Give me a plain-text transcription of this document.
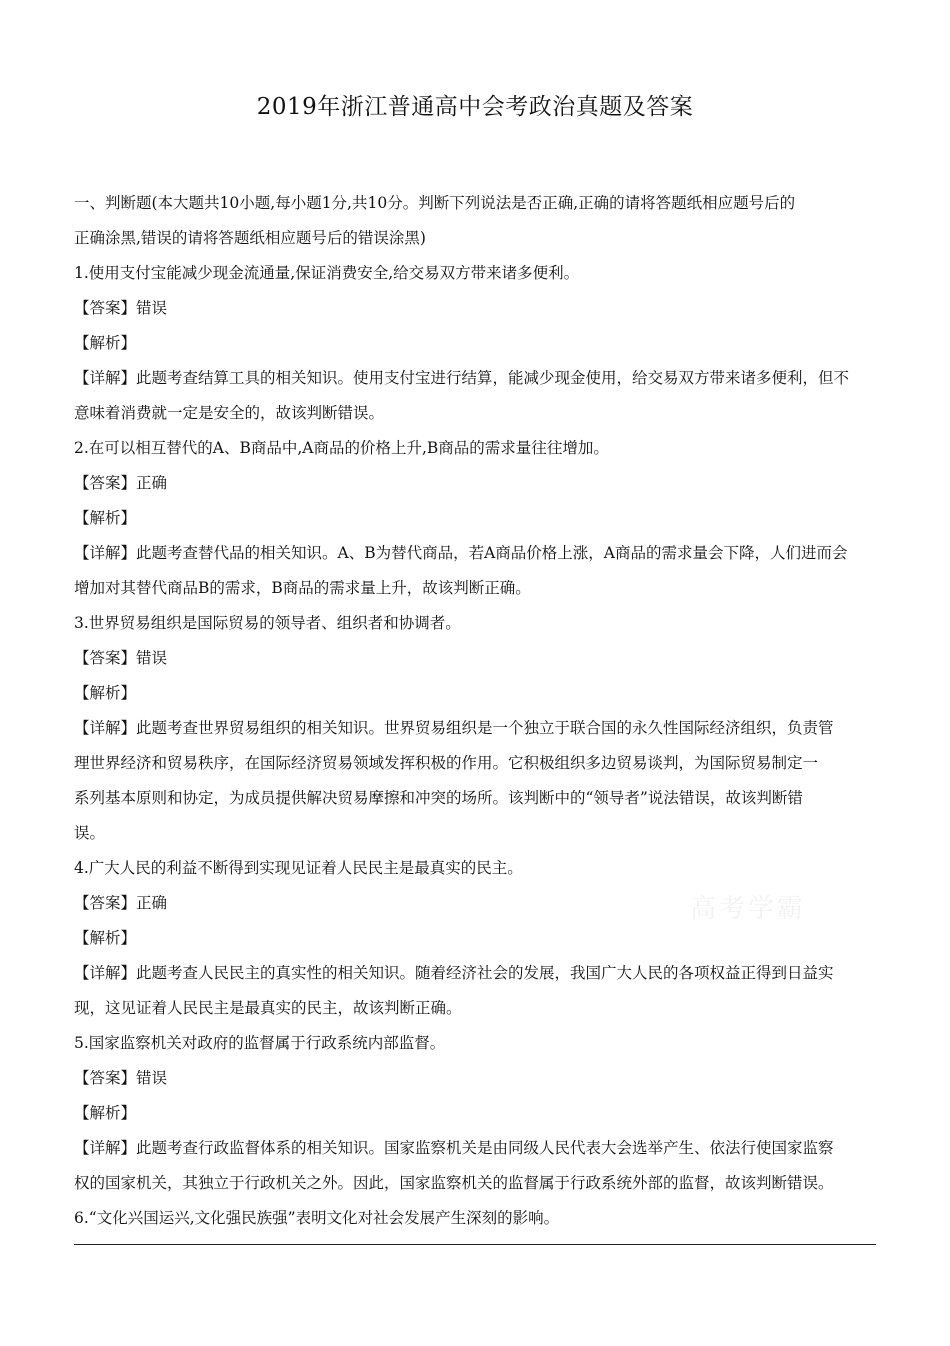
2019年浙江普通高中会考政治真题及答案
高考学霸
一、判断题(本大题共10小题,每小题1分,共10分。判断下列说法是否正确,正确的请将答题纸相应题号后的
正确涂黑,错误的请将答题纸相应题号后的错误涂黑)
1.使用支付宝能减少现金流通量,保证消费安全,给交易双方带来诸多便利。
【答案】错误
【解析】
【详解】此题考查结算工具的相关知识。使用支付宝进行结算，能减少现金使用，给交易双方带来诸多便利，但不
意味着消费就一定是安全的，故该判断错误。
2.在可以相互替代的A、B商品中,A商品的价格上升,B商品的需求量往往增加。
【答案】正确
【解析】
【详解】此题考查替代品的相关知识。A、B为替代商品，若A商品价格上涨，A商品的需求量会下降，人们进而会
增加对其替代商品B的需求，B商品的需求量上升，故该判断正确。
3.世界贸易组织是国际贸易的领导者、组织者和协调者。
【答案】错误
【解析】
【详解】此题考查世界贸易组织的相关知识。世界贸易组织是一个独立于联合国的永久性国际经济组织，负责管
理世界经济和贸易秩序，在国际经济贸易领域发挥积极的作用。它积极组织多边贸易谈判，为国际贸易制定一
系列基本原则和协定，为成员提供解决贸易摩擦和冲突的场所。该判断中的“领导者”说法错误，故该判断错
误。
4.广大人民的利益不断得到实现见证着人民民主是最真实的民主。
【答案】正确
【解析】
【详解】此题考查人民民主的真实性的相关知识。随着经济社会的发展，我国广大人民的各项权益正得到日益实
现，这见证着人民民主是最真实的民主，故该判断正确。
5.国家监察机关对政府的监督属于行政系统内部监督。
【答案】错误
【解析】
【详解】此题考查行政监督体系的相关知识。国家监察机关是由同级人民代表大会选举产生、依法行使国家监察
权的国家机关，其独立于行政机关之外。因此，国家监察机关的监督属于行政系统外部的监督，故该判断错误。
6.“文化兴国运兴,文化强民族强”表明文化对社会发展产生深刻的影响。
